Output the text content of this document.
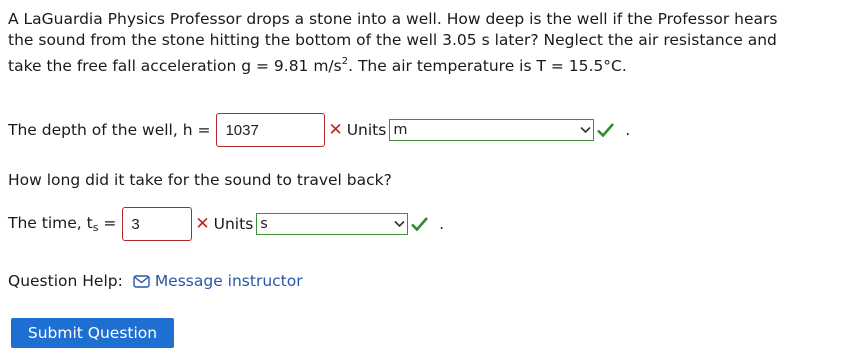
A LaGuardia Physics Professor drops a stone into a well. How deep is the well if the Professor hears
the sound from the stone hitting the bottom of the well 3.05 s later? Neglect the air resistance and
take the free fall acceleration g = 9.81 $m/s^2$. The air temperature is T = 15.5°C.
The depth of the well, h = 1037	✕ Units m	.
How long did it take for the sound to travel back?
The time, $t_s = 3$	✕ Units s	.
Question Help: Message instructor
Submit Question
